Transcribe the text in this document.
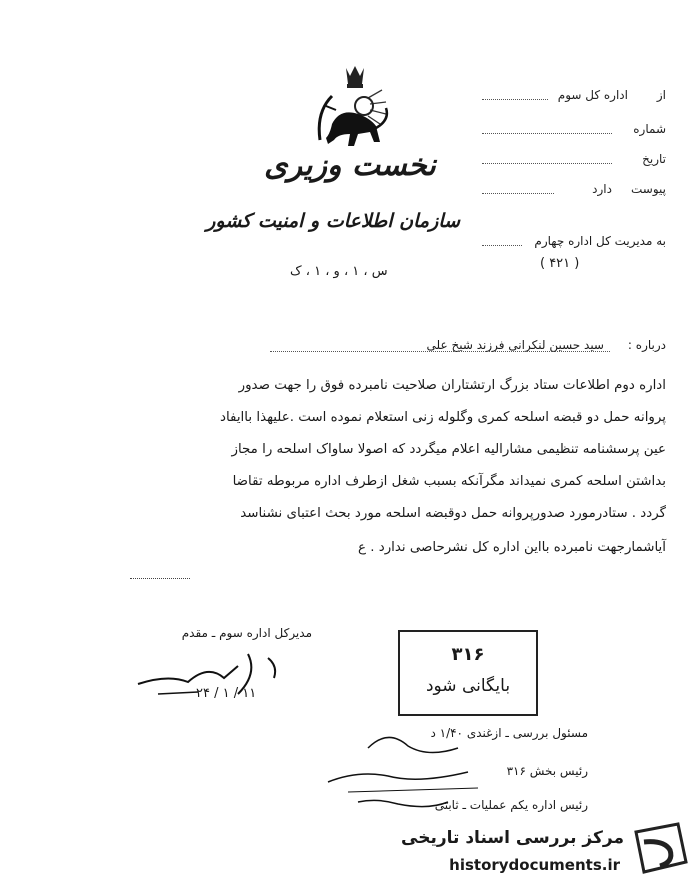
نخست وزیری
سازمان اطلاعات و امنیت کشور
س ، ۱ ، و ، ۱ ، ک
از
اداره کل سوم
شماره
تاریخ
پیوست
دارد
به مدیریت کل اداره چهارم
( ۴۲۱ )
درباره :
سید حسین لنکرانی فرزند شیخ علی
اداره دوم اطلاعات ستاد بزرگ ارتشتاران صلاحیت نامبرده فوق را جهت صدور
پروانه حمل دو قبضه اسلحه کمری وگلوله زنی استعلام نموده است .علیهذا باایفاد
عین پرسشنامه تنظیمی مشارالیه اعلام میگردد که اصولا ساواک اسلحه را مجاز
بداشتن اسلحه کمری نمیداند مگرآنکه بسبب شغل ازطرف اداره مربوطه تقاضا
گردد . ستادرمورد صدورپروانه حمل دوقبضه اسلحه مورد بحث اعتبای نشناسد
آیاشمارجهت نامبرده بااین اداره کل نشرحاصی ندارد . ع
مدیرکل اداره سوم ـ مقدم
۲۴ / ۱ / ۱۱
۳۱۶
بایگانی شود
مسئول بررسی ـ ازغندی ۱/۴۰ د
رئیس بخش ۳۱۶
رئیس اداره یکم عملیات ـ ثابتی
مرکز بررسی اسناد تاریخی
historydocuments.ir
